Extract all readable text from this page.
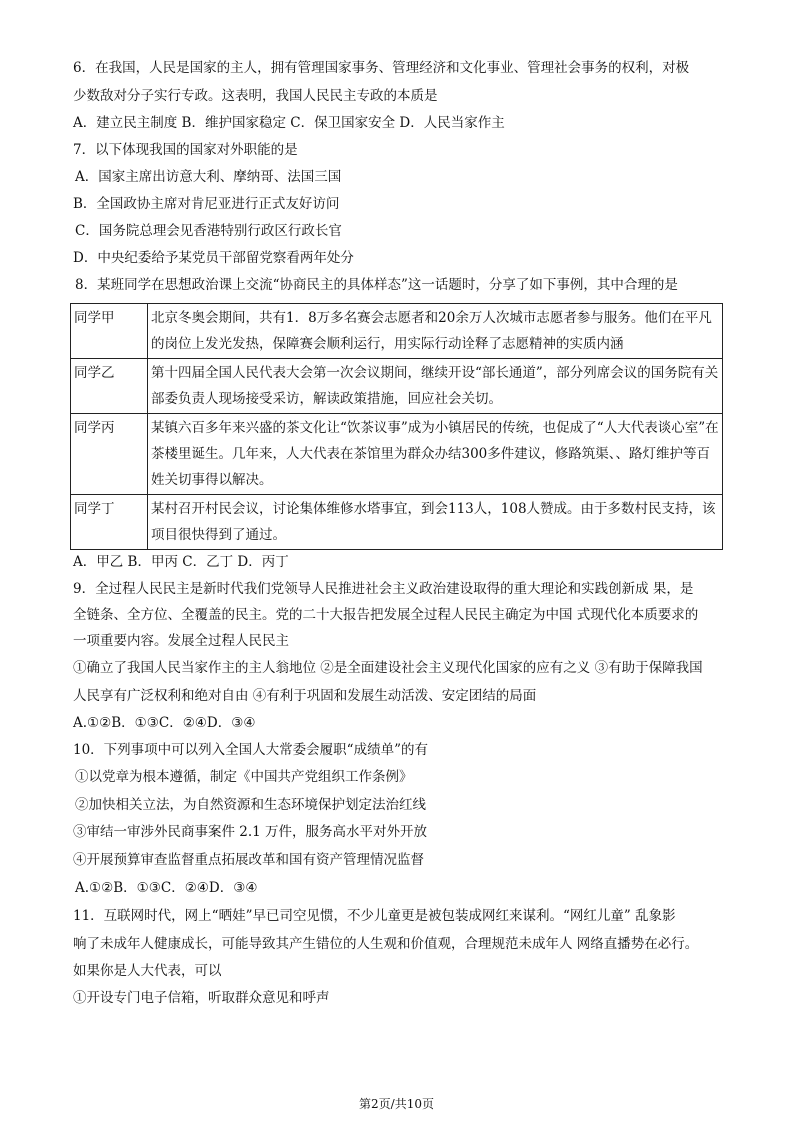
6．在我国，人民是国家的主人，拥有管理国家事务、管理经济和文化事业、管理社会事务的权利，对极
少数敌对分子实行专政。这表明，我国人民民主专政的本质是
A．建立民主制度 B．维护国家稳定 C．保卫国家安全 D．人民当家作主
7．以下体现我国的国家对外职能的是
A．国家主席出访意大利、摩纳哥、法国三国
B．全国政协主席对肯尼亚进行正式友好访问
C．国务院总理会见香港特别行政区行政长官
D．中央纪委给予某党员干部留党察看两年处分
8．某班同学在思想政治课上交流“协商民主的具体样态”这一话题时，分享了如下事例，其中合理的是
同学甲	北京冬奥会期间，共有1．8万多名赛会志愿者和20余万人次城市志愿者参与服务。他们在平凡的岗位上发光发热，保障赛会顺利运行，用实际行动诠释了志愿精神的实质内涵
同学乙	第十四届全国人民代表大会第一次会议期间，继续开设“部长通道”，部分列席会议的国务院有关部委负责人现场接受采访，解读政策措施，回应社会关切。
同学丙	某镇六百多年来兴盛的茶文化让“饮茶议事”成为小镇居民的传统，也促成了“人大代表谈心室”在茶楼里诞生。几年来，人大代表在茶馆里为群众办结300多件建议，修路筑渠、、路灯维护等百姓关切事得以解决。
同学丁	某村召开村民会议，讨论集体维修水塔事宜，到会113人，108人赞成。由于多数村民支持，该项目很快得到了通过。
A．甲乙 B．甲丙 C．乙丁 D．丙丁
9．全过程人民民主是新时代我们党领导人民推进社会主义政治建设取得的重大理论和实践创新成 果，是
全链条、全方位、全覆盖的民主。党的二十大报告把发展全过程人民民主确定为中国 式现代化本质要求的
一项重要内容。发展全过程人民民主
①确立了我国人民当家作主的主人翁地位 ②是全面建设社会主义现代化国家的应有之义 ③有助于保障我国
人民享有广泛权利和绝对自由 ④有利于巩固和发展生动活泼、安定团结的局面
A.①②B．①③C．②④D．③④
10．下列事项中可以列入全国人大常委会履职“成绩单”的有
①以党章为根本遵循，制定《中国共产党组织工作条例》
②加快相关立法，为自然资源和生态环境保护划定法治红线
③审结一审涉外民商事案件 2.1 万件，服务高水平对外开放
④开展预算审查监督重点拓展改革和国有资产管理情况监督
A.①②B．①③C．②④D．③④
11．互联网时代，网上“晒娃”早已司空见惯，不少儿童更是被包装成网红来谋利。“网红儿童” 乱象影
响了未成年人健康成长，可能导致其产生错位的人生观和价值观，合理规范未成年人 网络直播势在必行。
如果你是人大代表，可以
①开设专门电子信箱，听取群众意见和呼声
第2页/共10页
